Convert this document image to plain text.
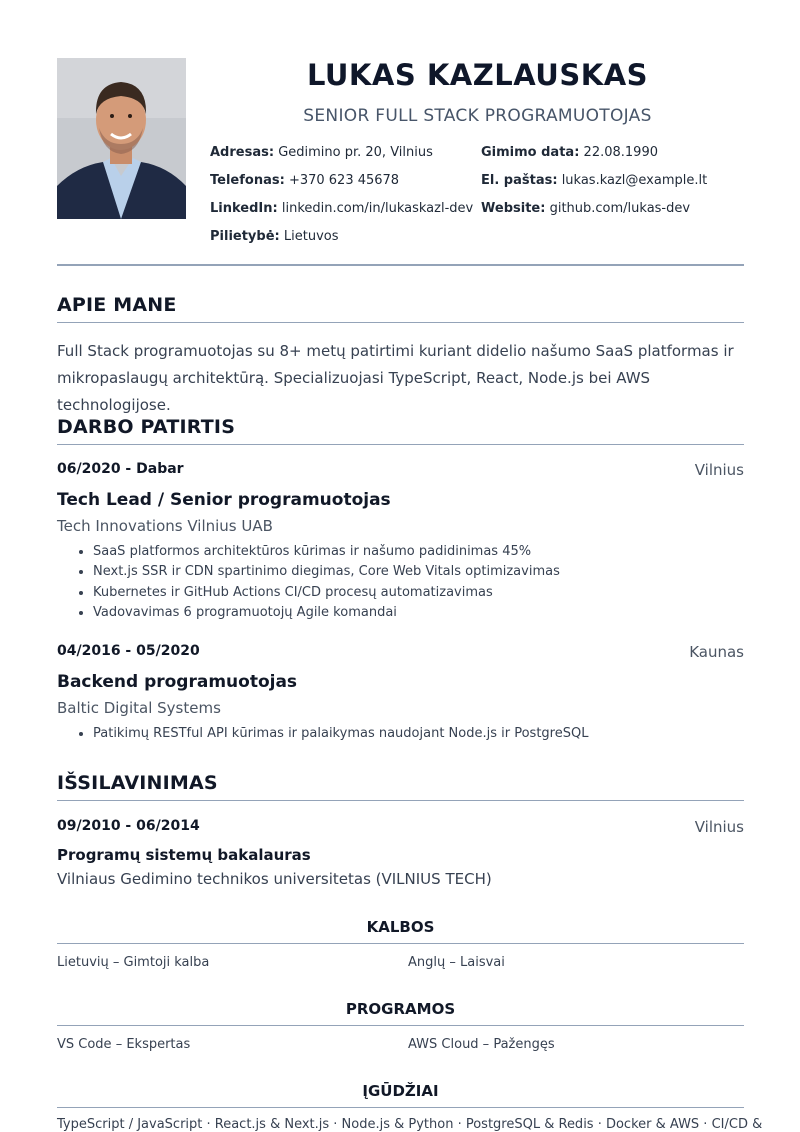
LUKAS KAZLAUSKAS
SENIOR FULL STACK PROGRAMUOTOJAS
Adresas: Gedimino pr. 20, Vilnius	Gimimo data: 22.08.1990
Telefonas: +370 623 45678	El. paštas: lukas.kazl@example.lt
LinkedIn: linkedin.com/in/lukaskazl-dev Website: github.com/lukas-dev
Pilietybė: Lietuvos
APIE MANE
Full Stack programuotojas su 8+ metų patirtimi kuriant didelio našumo SaaS platformas ir mikropaslaugų architektūrą. Specializuojasi TypeScript, React, Node.js bei AWS technologijose.
DARBO PATIRTIS
06/2020 - Dabar	Vilnius
Tech Lead / Senior programuotojas
Tech Innovations Vilnius UAB
• SaaS platformos architektūros kūrimas ir našumo padidinimas 45%
• Next.js SSR ir CDN spartinimo diegimas, Core Web Vitals optimizavimas
• Kubernetes ir GitHub Actions CI/CD procesų automatizavimas
• Vadovavimas 6 programuotojų Agile komandai
04/2016 - 05/2020	Kaunas
Backend programuotojas
Baltic Digital Systems
• Patikimų RESTful API kūrimas ir palaikymas naudojant Node.js ir PostgreSQL
IŠSILAVINIMAS
09/2010 - 06/2014	Vilnius
Programų sistemų bakalauras
Vilniaus Gedimino technikos universitetas (VILNIUS TECH)
KALBOS
Lietuvių – Gimtoji kalba	Anglų – Laisvai
PROGRAMOS
VS Code – Ekspertas	AWS Cloud – Pažengęs
ĮGŪDŽIAI
TypeScript / JavaScript · React.js & Next.js · Node.js & Python · PostgreSQL & Redis · Docker & AWS · CI/CD &
